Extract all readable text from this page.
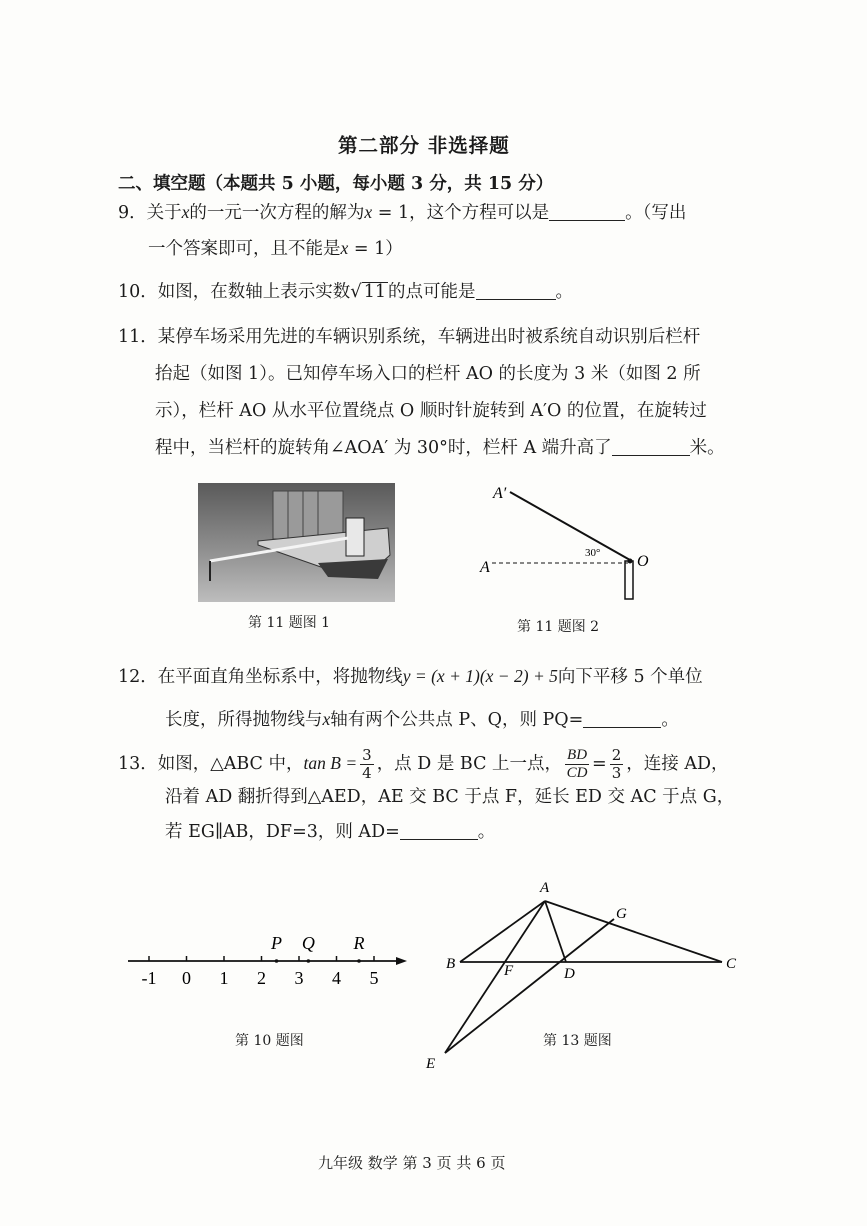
第二部分 非选择题
二、填空题（本题共 5 小题，每小题 3 分，共 15 分）
9．关于x的一元一次方程的解为x = 1，这个方程可以是	。（写出
一个答案即可，且不能是x = 1）
10．如图，在数轴上表示实数√ 11 的点可能是	。
11．某停车场采用先进的车辆识别系统，车辆进出时被系统自动识别后栏杆
抬起（如图 1）。已知停车场入口的栏杆 AO 的长度为 3 米（如图 2 所
示），栏杆 AO 从水平位置绕点 O 顺时针旋转到 A′O 的位置，在旋转过
程中，当栏杆的旋转角∠AOA′ 为 30°时，栏杆 A 端升高了	米。
第 11 题图 1
A′
A	O
30°
第 11 题图 2
12．在平面直角坐标系中，将抛物线y = (x + 1)(x − 2) + 5向下平移 5 个单位
长度，所得抛物线与x轴有两个公共点 P、Q，则 PQ=	。
13．如图，△ABC 中，$\tan B = \frac{3}{4}$ ，点 D 是 BC 上一点， $\frac{BD}{CD} = \frac{2}{3}$ ，连接 AD，
沿着 AD 翻折得到△AED，AE 交 BC 于点 F，延长 ED 交 AC 于点 G，
若 EG∥AB，DF=3，则 AD=	。
-1 0 1 2 3 4 5
P Q R
第 10 题图
A
B	C
D
F
G
E
第 13 题图
九年级 数学 第 3 页 共 6 页
